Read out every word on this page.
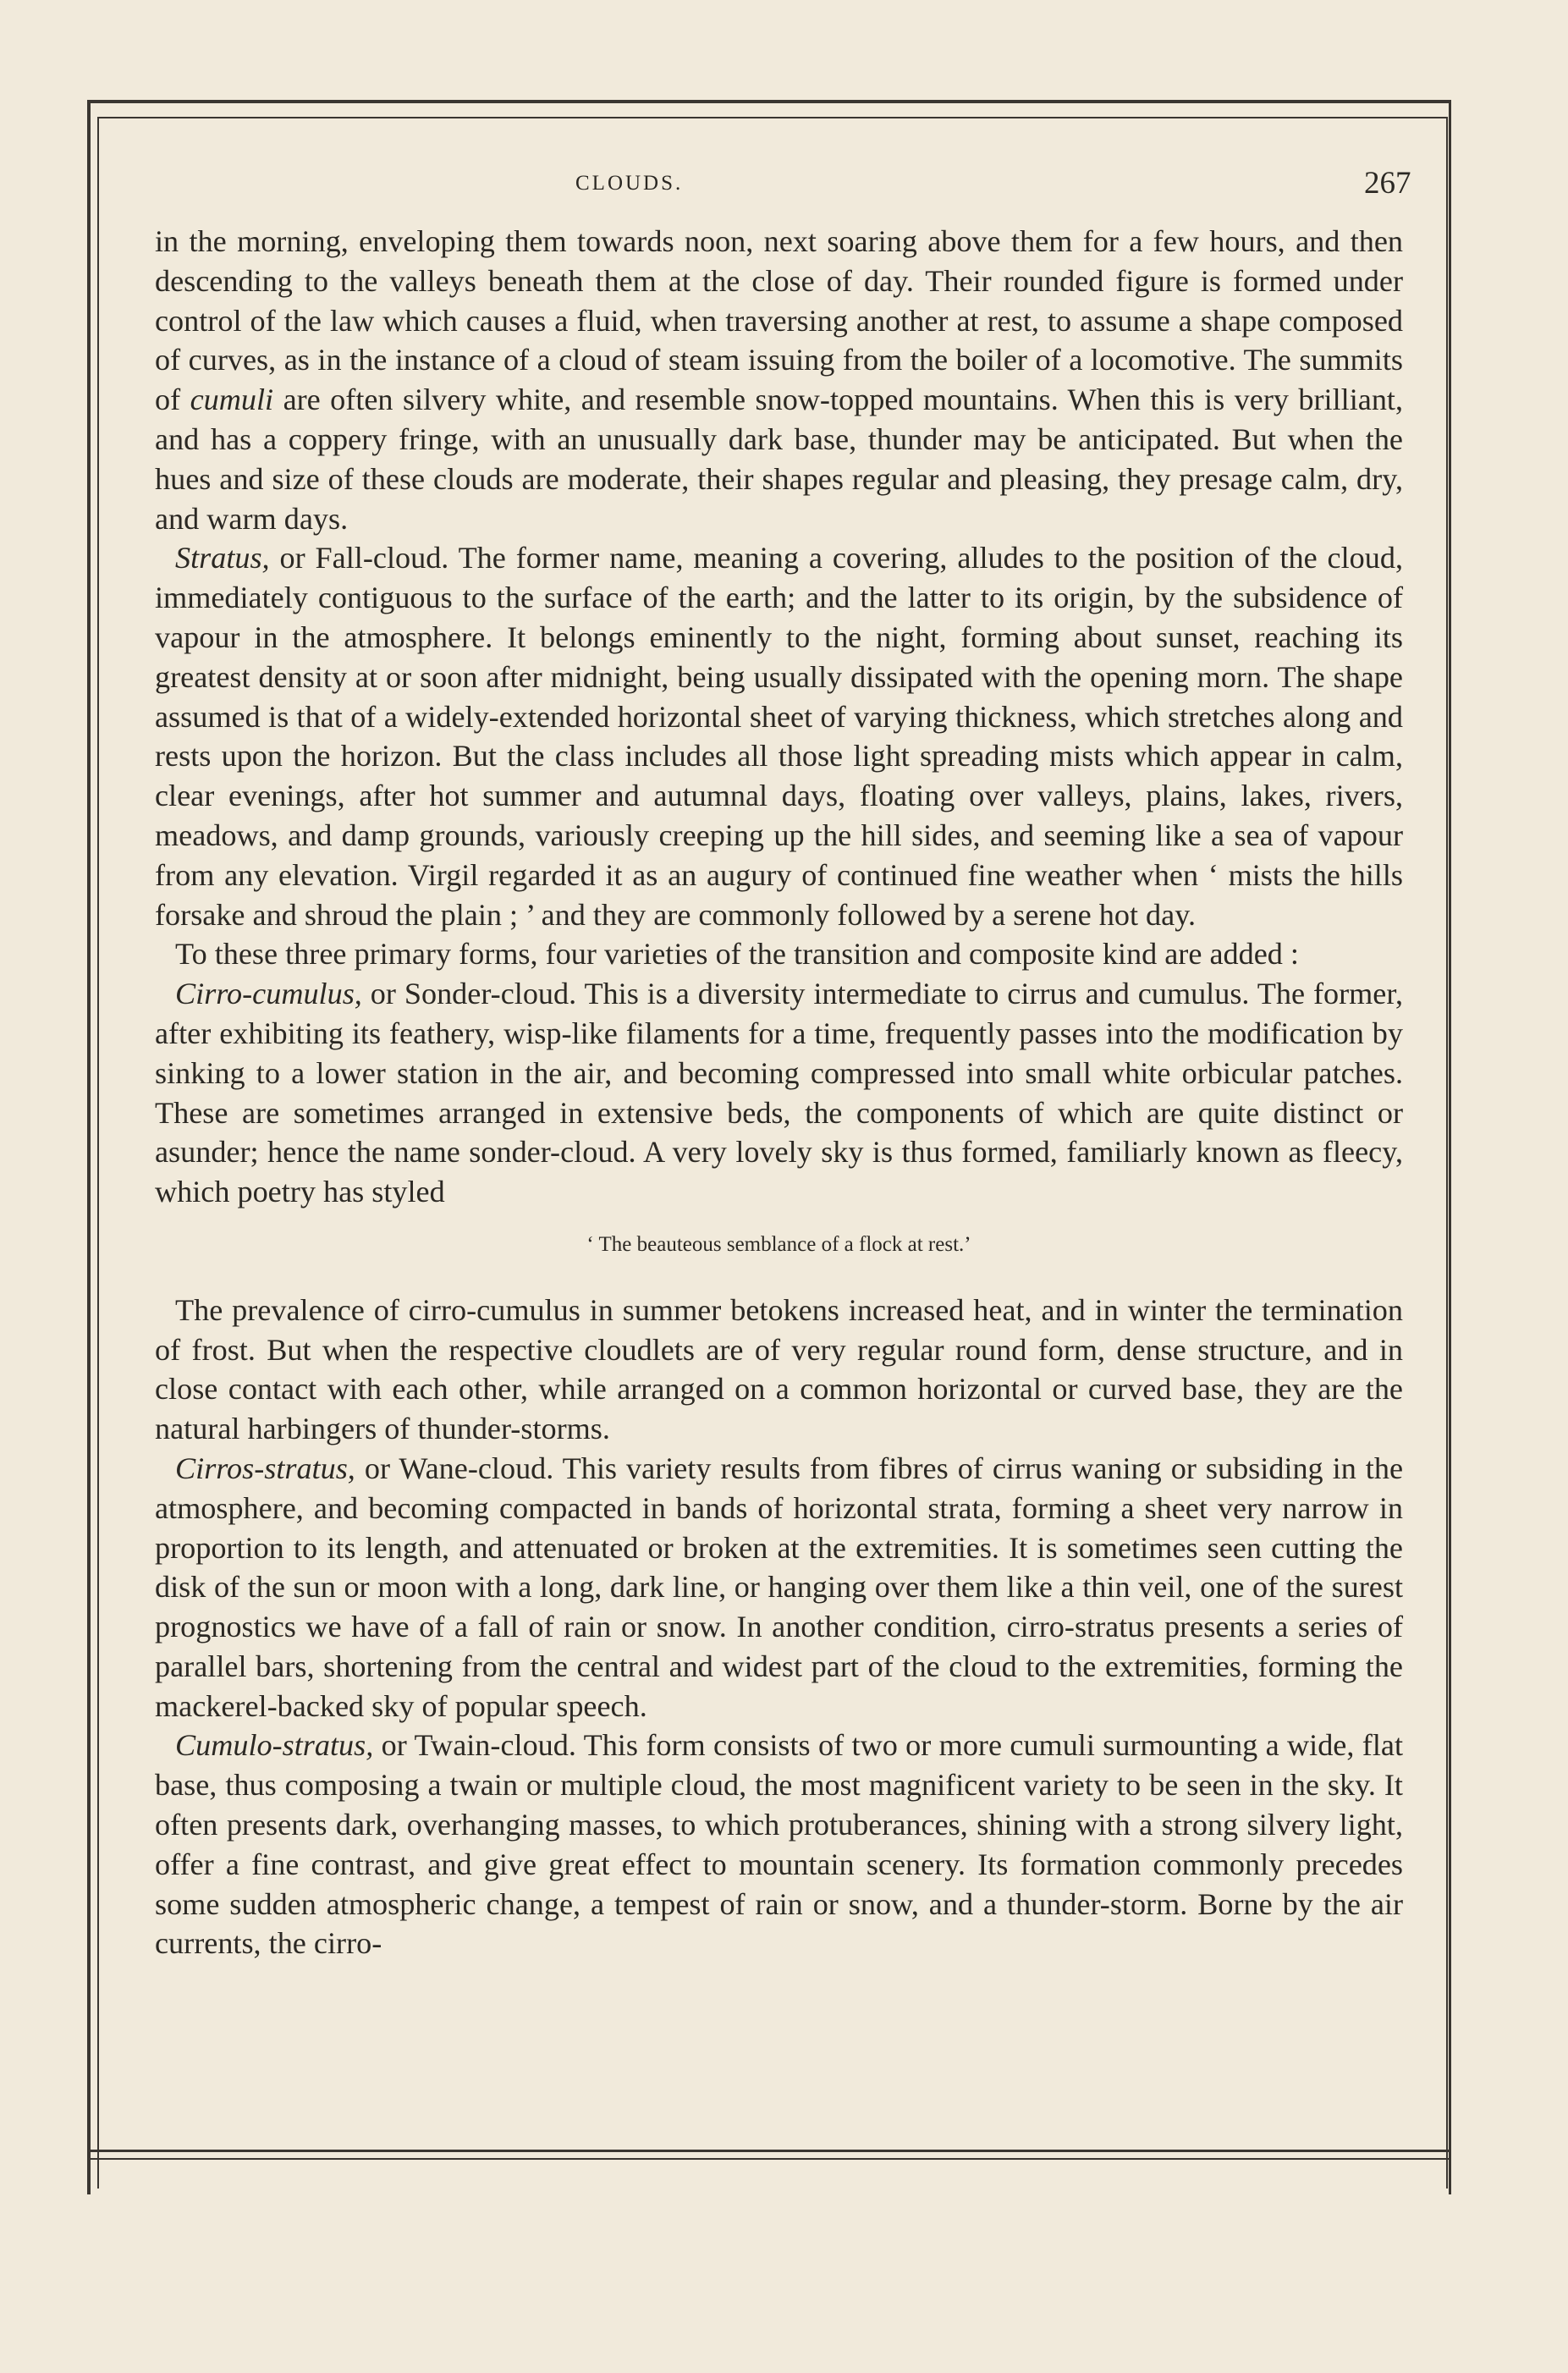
CLOUDS.	267

in the morning, enveloping them towards noon, next soaring above them for a few hours, and then descending to the valleys beneath them at the close of day. Their rounded figure is formed under control of the law which causes a fluid, when traversing another at rest, to assume a shape composed of curves, as in the instance of a cloud of steam issuing from the boiler of a locomotive. The summits of cumuli are often silvery white, and resemble snow-topped mountains. When this is very brilliant, and has a coppery fringe, with an unusually dark base, thunder may be anticipated. But when the hues and size of these clouds are moderate, their shapes regular and pleasing, they presage calm, dry, and warm days.

Stratus, or Fall-cloud. The former name, meaning a covering, alludes to the position of the cloud, immediately contiguous to the surface of the earth; and the latter to its origin, by the subsidence of vapour in the atmosphere. It belongs eminently to the night, forming about sunset, reaching its greatest density at or soon after midnight, being usually dissipated with the opening morn. The shape assumed is that of a widely-extended horizontal sheet of varying thickness, which stretches along and rests upon the horizon. But the class includes all those light spreading mists which appear in calm, clear evenings, after hot summer and autumnal days, floating over valleys, plains, lakes, rivers, meadows, and damp grounds, variously creeping up the hill sides, and seeming like a sea of vapour from any elevation. Virgil regarded it as an augury of continued fine weather when ‘ mists the hills forsake and shroud the plain ; ’ and they are commonly followed by a serene hot day.

To these three primary forms, four varieties of the transition and composite kind are added :

Cirro-cumulus, or Sonder-cloud. This is a diversity intermediate to cirrus and cumulus. The former, after exhibiting its feathery, wisp-like filaments for a time, frequently passes into the modification by sinking to a lower station in the air, and becoming compressed into small white orbicular patches. These are sometimes arranged in extensive beds, the components of which are quite distinct or asunder; hence the name sonder-cloud. A very lovely sky is thus formed, familiarly known as fleecy, which poetry has styled

‘ The beauteous semblance of a flock at rest.’

The prevalence of cirro-cumulus in summer betokens increased heat, and in winter the termination of frost. But when the respective cloudlets are of very regular round form, dense structure, and in close contact with each other, while arranged on a common horizontal or curved base, they are the natural harbingers of thunder-storms.

Cirros-stratus, or Wane-cloud. This variety results from fibres of cirrus waning or subsiding in the atmosphere, and becoming compacted in bands of horizontal strata, forming a sheet very narrow in proportion to its length, and attenuated or broken at the extremities. It is sometimes seen cutting the disk of the sun or moon with a long, dark line, or hanging over them like a thin veil, one of the surest prognostics we have of a fall of rain or snow. In another condition, cirro-stratus presents a series of parallel bars, shortening from the central and widest part of the cloud to the extremities, forming the mackerel-backed sky of popular speech.

Cumulo-stratus, or Twain-cloud. This form consists of two or more cumuli surmounting a wide, flat base, thus composing a twain or multiple cloud, the most magnificent variety to be seen in the sky. It often presents dark, overhanging masses, to which protuberances, shining with a strong silvery light, offer a fine contrast, and give great effect to mountain scenery. Its formation commonly precedes some sudden atmospheric change, a tempest of rain or snow, and a thunder-storm. Borne by the air currents, the cirro-
